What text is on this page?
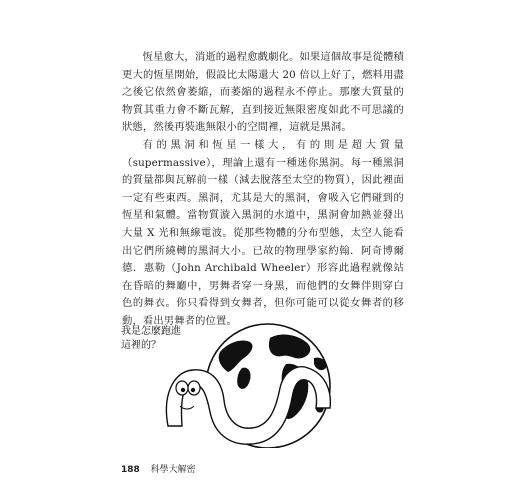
恆星愈大，消逝的過程愈戲劇化。如果這個故事是從體積更大的恆星開始，假設比太陽還大 20 倍以上好了，燃料用盡之後它依然會萎縮，而萎縮的過程永不停止。那麼大質量的物質其重力會不斷瓦解，直到接近無限密度如此不可思議的狀態，然後再裝進無限小的空間裡，這就是黑洞。

有的黑洞和恆星一樣大，有的則是超大質量（supermassive），理論上還有一種迷你黑洞。每一種黑洞的質量都與瓦解前一樣（減去脫落至太空的物質），因此裡面一定有些東西。黑洞，尤其是大的黑洞，會吸入它們碰到的恆星和氣體。當物質漩入黑洞的水道中，黑洞會加熱並發出大量 X 光和無線電波。從那些物體的分布型態，太空人能看出它們所繞轉的黑洞大小。已故的物理學家約翰．阿奇博爾德．惠勒（John Archibald Wheeler）形容此過程就像站在昏暗的舞廳中，男舞者穿一身黑，而他們的女舞伴則穿白色的舞衣。你只看得到女舞者，但你可能可以從女舞者的移動，看出男舞者的位置。

我是怎麼跑進這裡的？
188 科學大解密
